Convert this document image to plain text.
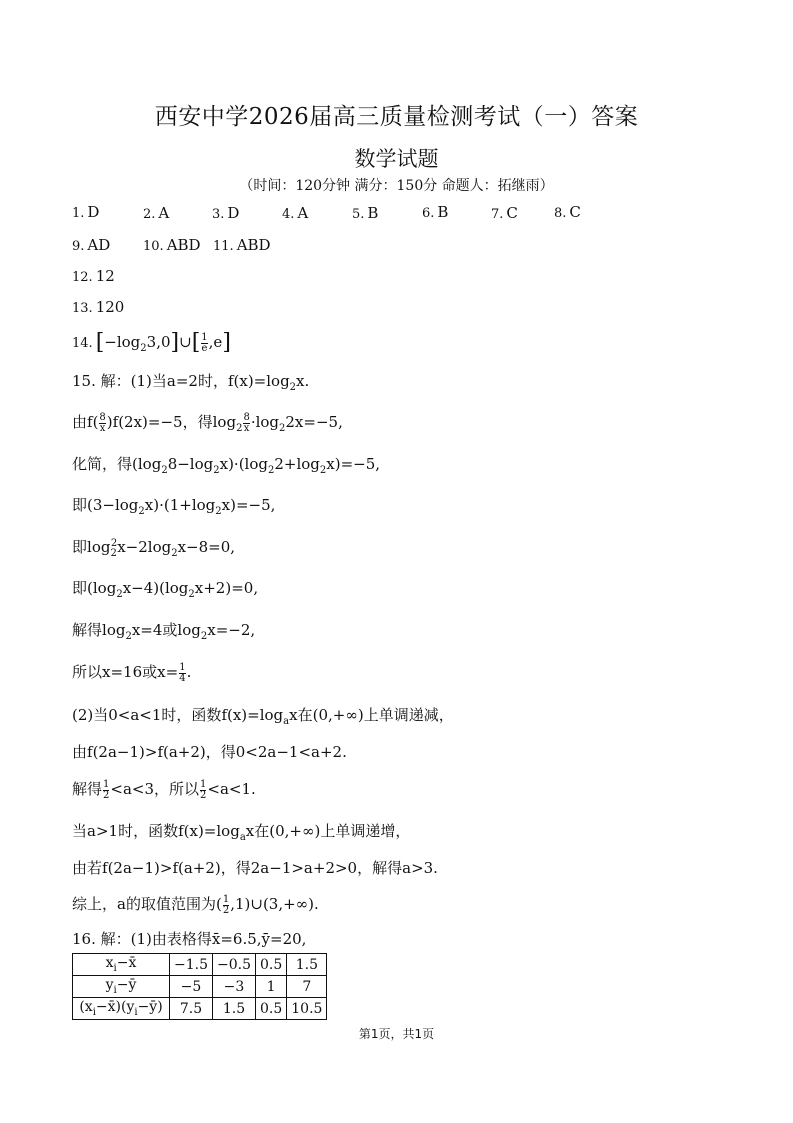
西安中学2026届高三质量检测考试（一）答案
数学试题
（时间：120分钟 满分：150分 命题人：拓继雨）
1. D	2. A	3. D	4. A	5. B	6. B	7. C	8. C
9. AD	10. ABD 11. ABD
12. 12
13. 120
14. $[-\log_23,0]\cup[ \frac{1}{e} ,e]$
15. 解：(1)当a=2时，$f(x)=\log_2x$.
由$f( \frac{8}{x} )f(2x)=-5$，得$\log_2 \frac{8}{x} \cdot\log_22x=-5$,
化简，得$(\log_28-\log_2x)\cdot(\log_22+\log_2x)=-5$,
即$(3-\log_2x)\cdot(1+\log_2x)=-5$,
即$\log_2^2x-2\log_2x-8=0$,
即$(\log_2x-4)(\log_2x+2)=0$,
解得$\log_2x=4$或$\log_2x=-2$,
所以x=16或$x= \frac{1}{4}$ .
(2)当0<a<1时，函数$f(x)=\log_ax$在(0,+∞)上单调递减，
由f(2a−1)>f(a+2)，得0<2a−1<a+2.
解得 $\frac{1}{2} <a<3$，所以 $\frac{1}{2} <a<1$.
当a>1时，函数$f(x)=\log_ax$在(0,+∞)上单调递增，
由若f(2a−1)>f(a+2)，得2a−1>a+2>0，解得a>3.
综上，a的取值范围为( $\frac{1}{2}$ ,1)∪(3,+∞).
16. 解：(1)由表格得x̄=6.5,ȳ=20,
$x_i-x̄$	−1.5	−0.5	0.5	1.5
$y_i-ȳ$	−5	−3	1	7
$(x_i-x̄)(y_i-ȳ)$	7.5	1.5	0.5	10.5
第1页，共1页
